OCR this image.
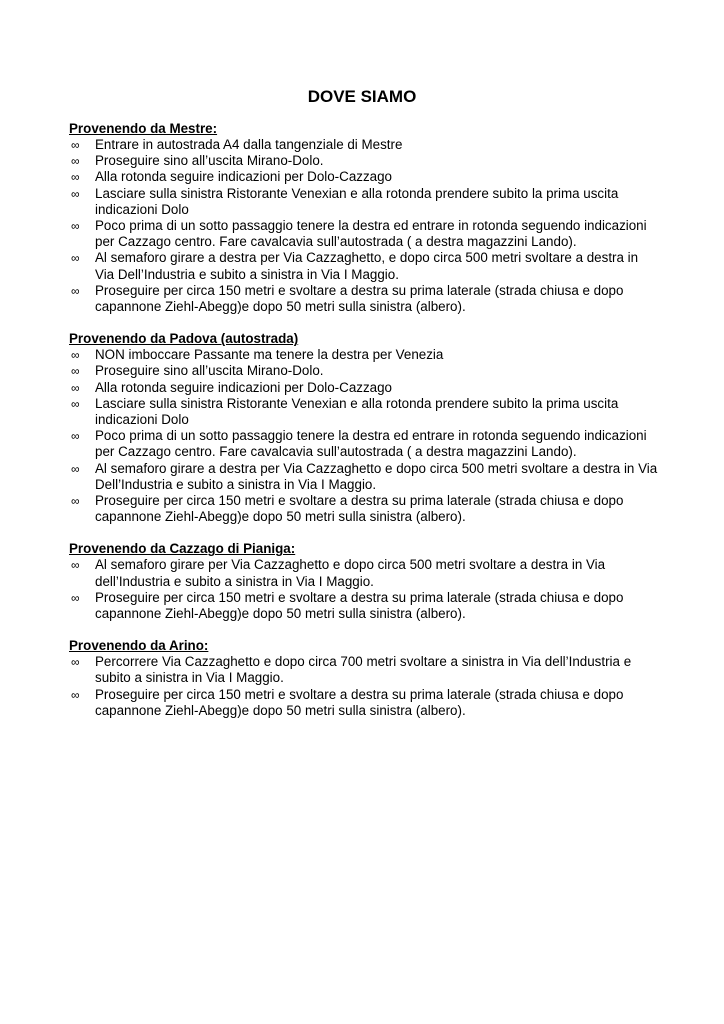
DOVE SIAMO
Provenendo da Mestre:
∞ Entrare in autostrada A4 dalla tangenziale di Mestre
∞ Proseguire sino all’uscita Mirano-Dolo.
∞ Alla rotonda seguire indicazioni per Dolo-Cazzago
∞ Lasciare sulla sinistra Ristorante Venexian e alla rotonda prendere subito la prima uscita indicazioni Dolo
∞ Poco prima di un sotto passaggio tenere la destra ed entrare in rotonda seguendo indicazioni per Cazzago centro. Fare cavalcavia sull’autostrada ( a destra magazzini Lando).
∞ Al semaforo girare a destra per Via Cazzaghetto, e dopo circa 500 metri svoltare a destra in Via Dell’Industria e subito a sinistra in Via I Maggio.
∞ Proseguire per circa 150 metri e svoltare a destra su prima laterale (strada chiusa e dopo capannone Ziehl-Abegg)e dopo 50 metri sulla sinistra (albero).
Provenendo da Padova (autostrada)
∞ NON imboccare Passante ma tenere la destra per Venezia
∞ Proseguire sino all’uscita Mirano-Dolo.
∞ Alla rotonda seguire indicazioni per Dolo-Cazzago
∞ Lasciare sulla sinistra Ristorante Venexian e alla rotonda prendere subito la prima uscita indicazioni Dolo
∞ Poco prima di un sotto passaggio tenere la destra ed entrare in rotonda seguendo indicazioni per Cazzago centro. Fare cavalcavia sull’autostrada ( a destra magazzini Lando).
∞ Al semaforo girare a destra per Via Cazzaghetto e dopo circa 500 metri svoltare a destra in Via Dell’Industria e subito a sinistra in Via I Maggio.
∞ Proseguire per circa 150 metri e svoltare a destra su prima laterale (strada chiusa e dopo capannone Ziehl-Abegg)e dopo 50 metri sulla sinistra (albero).
Provenendo da Cazzago di Pianiga:
∞ Al semaforo girare per Via Cazzaghetto e dopo circa 500 metri svoltare a destra in Via dell’Industria e subito a sinistra in Via I Maggio.
∞ Proseguire per circa 150 metri e svoltare a destra su prima laterale (strada chiusa e dopo capannone Ziehl-Abegg)e dopo 50 metri sulla sinistra (albero).
Provenendo da Arino:
∞ Percorrere Via Cazzaghetto e dopo circa 700 metri svoltare a sinistra in Via dell’Industria e subito a sinistra in Via I Maggio.
∞ Proseguire per circa 150 metri e svoltare a destra su prima laterale (strada chiusa e dopo capannone Ziehl-Abegg)e dopo 50 metri sulla sinistra (albero).
